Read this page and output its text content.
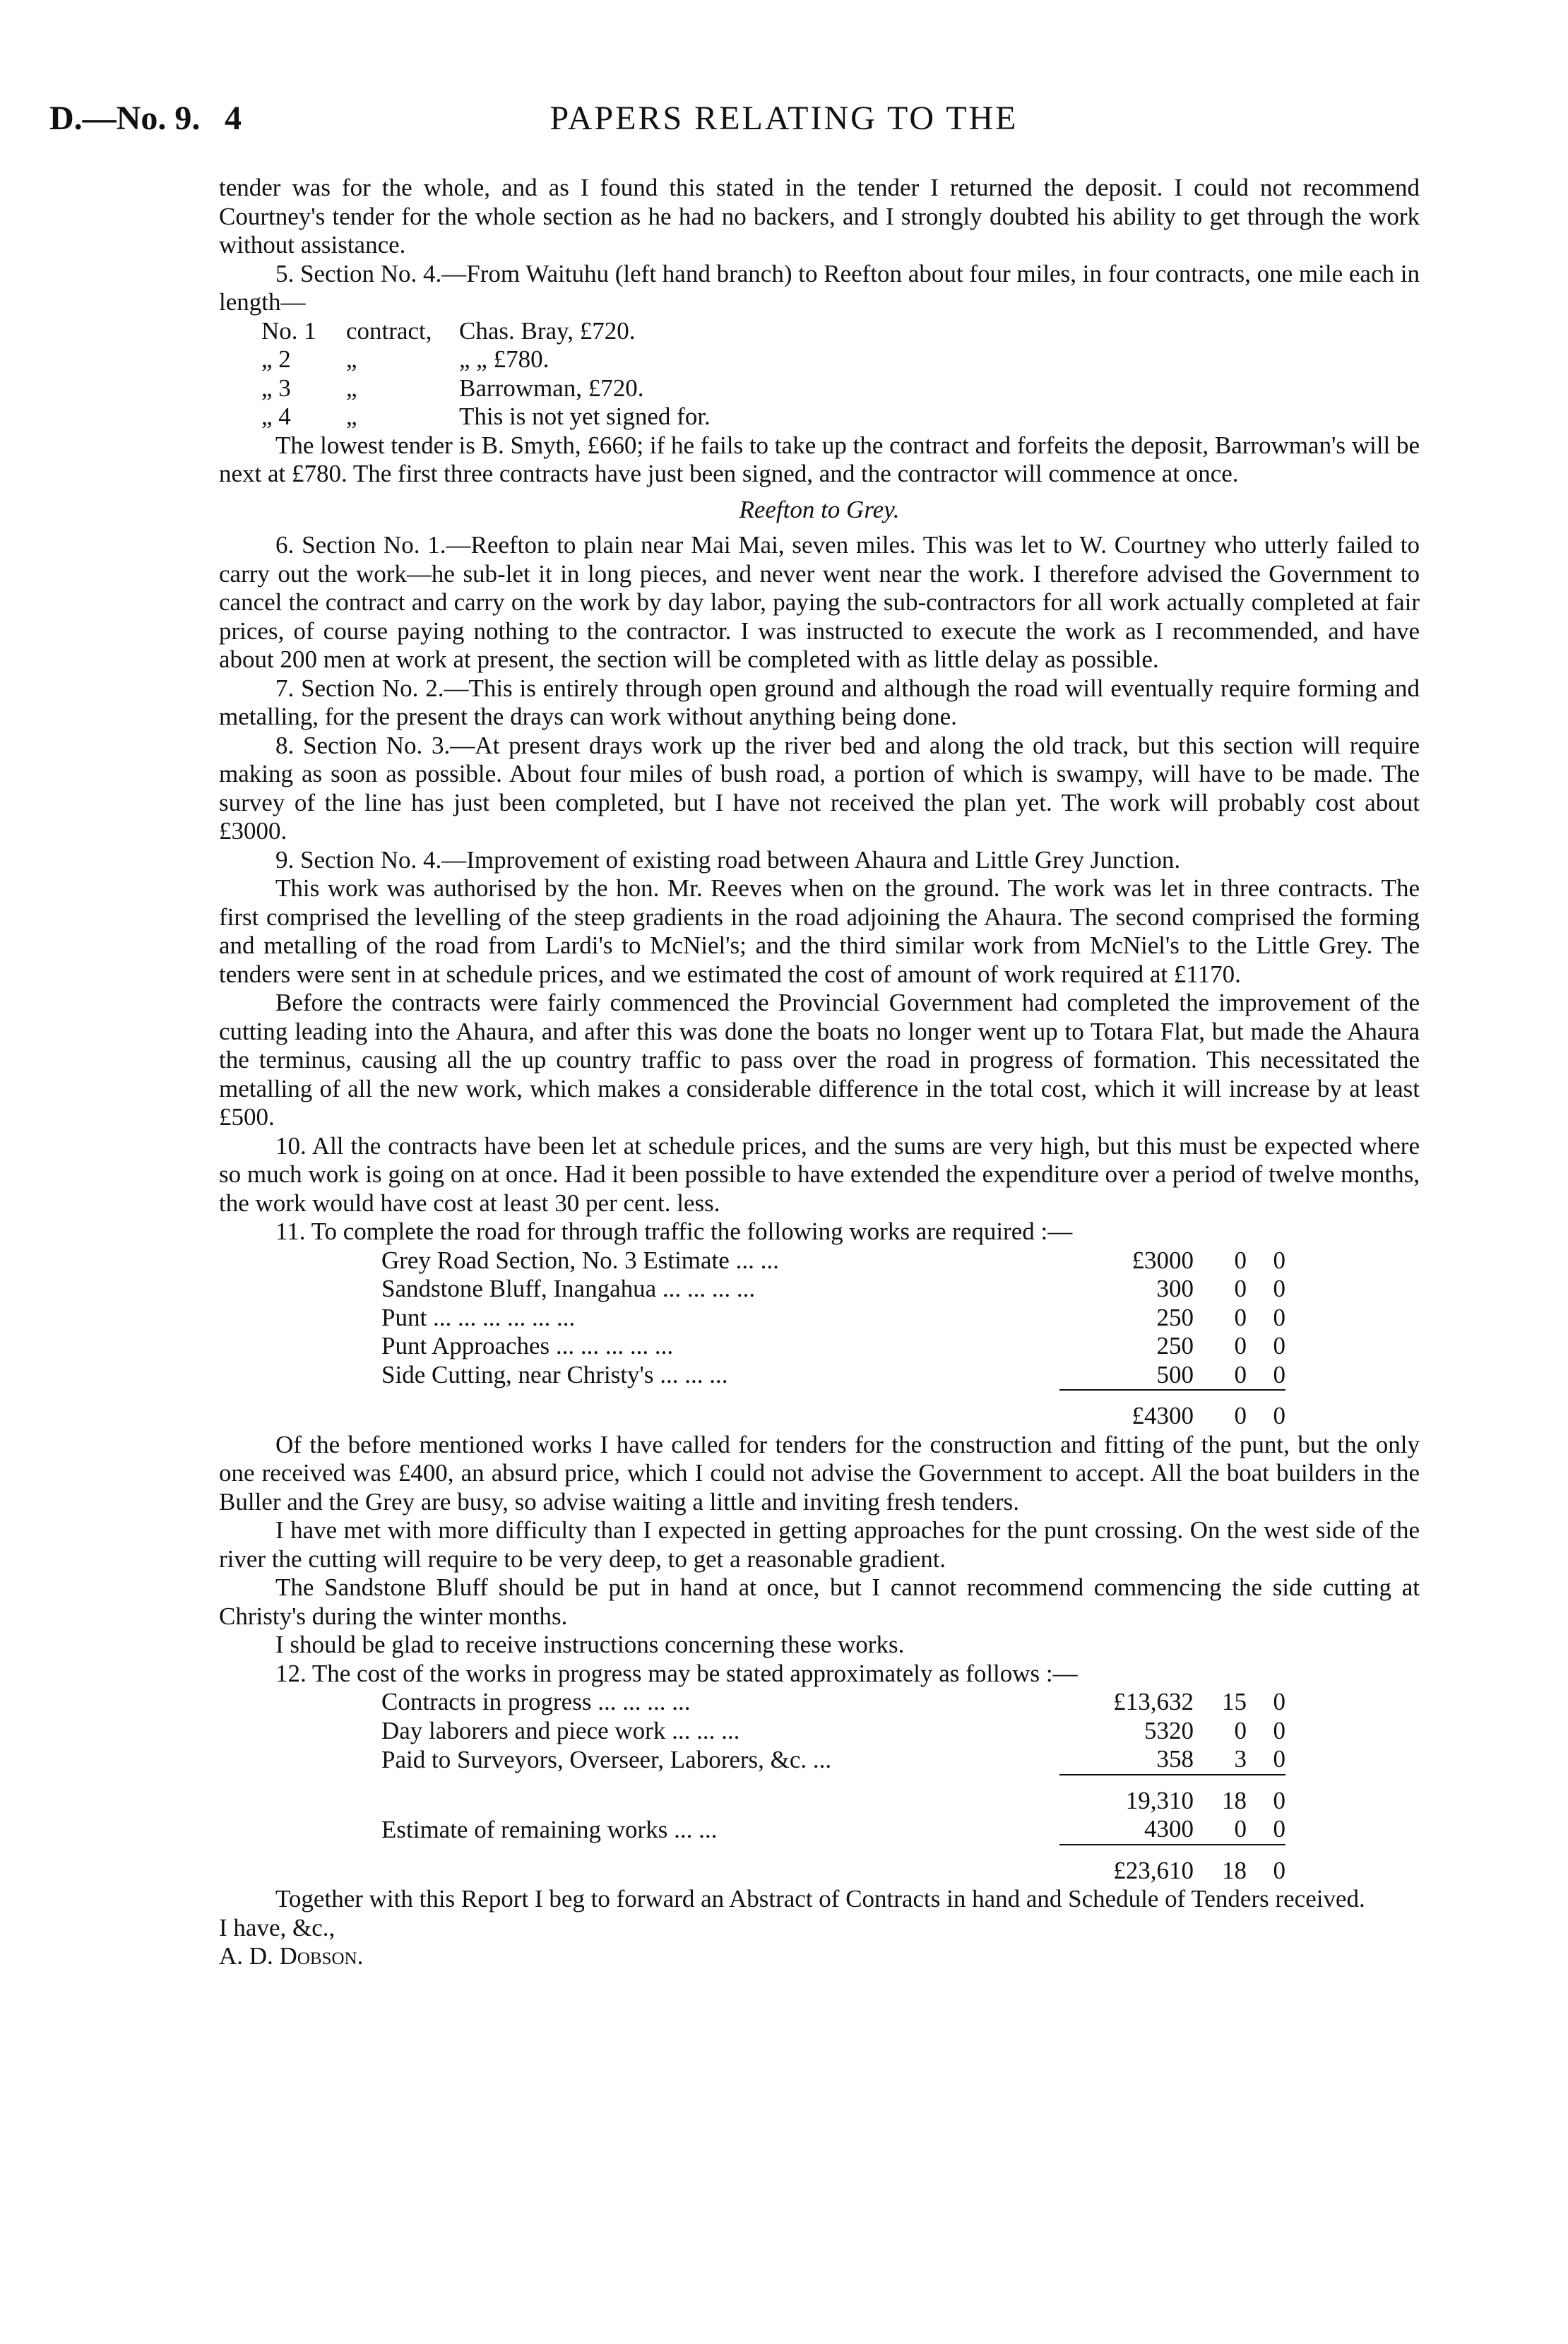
D.—No. 9. 4	PAPERS RELATING TO THE

tender was for the whole, and as I found this stated in the tender I returned the deposit. I could not recommend Courtney's tender for the whole section as he had no backers, and I strongly doubted his ability to get through the work without assistance.

5. Section No. 4.—From Waituhu (left hand branch) to Reefton about four miles, in four contracts, one mile each in length—

No. 1 contract, Chas. Bray, £720.
„ 2 „	„ „ £780.
„ 3 „	Barrowman, £720.
„ 4 „	This is not yet signed for.

The lowest tender is B. Smyth, £660; if he fails to take up the contract and forfeits the deposit, Barrowman's will be next at £780. The first three contracts have just been signed, and the contractor will commence at once.

Reefton to Grey.

6. Section No. 1.—Reefton to plain near Mai Mai, seven miles. This was let to W. Courtney who utterly failed to carry out the work—he sub-let it in long pieces, and never went near the work. I therefore advised the Government to cancel the contract and carry on the work by day labor, paying the sub-contractors for all work actually completed at fair prices, of course paying nothing to the contractor. I was instructed to execute the work as I recommended, and have about 200 men at work at present, the section will be completed with as little delay as possible.

7. Section No. 2.—This is entirely through open ground and although the road will eventually require forming and metalling, for the present the drays can work without anything being done.

8. Section No. 3.—At present drays work up the river bed and along the old track, but this section will require making as soon as possible. About four miles of bush road, a portion of which is swampy, will have to be made. The survey of the line has just been completed, but I have not received the plan yet. The work will probably cost about £3000.

9. Section No. 4.—Improvement of existing road between Ahaura and Little Grey Junction.

This work was authorised by the hon. Mr. Reeves when on the ground. The work was let in three contracts. The first comprised the levelling of the steep gradients in the road adjoining the Ahaura. The second comprised the forming and metalling of the road from Lardi's to McNiel's; and the third similar work from McNiel's to the Little Grey. The tenders were sent in at schedule prices, and we estimated the cost of amount of work required at £1170.

Before the contracts were fairly commenced the Provincial Government had completed the improvement of the cutting leading into the Ahaura, and after this was done the boats no longer went up to Totara Flat, but made the Ahaura the terminus, causing all the up country traffic to pass over the road in progress of formation. This necessitated the metalling of all the new work, which makes a considerable difference in the total cost, which it will increase by at least £500.

10. All the contracts have been let at schedule prices, and the sums are very high, but this must be expected where so much work is going on at once. Had it been possible to have extended the expenditure over a period of twelve months, the work would have cost at least 30 per cent. less.

11. To complete the road for through traffic the following works are required :—

Grey Road Section, No. 3 Estimate ... ...	£3000	0	0
Sandstone Bluff, Inangahua ... ... ... ...	300	0	0
Punt ... ... ... ... ... ...	250	0	0
Punt Approaches ... ... ... ... ...	250	0	0
Side Cutting, near Christy's ... ... ...	500	0	0
	£4300	0	0

Of the before mentioned works I have called for tenders for the construction and fitting of the punt, but the only one received was £400, an absurd price, which I could not advise the Government to accept. All the boat builders in the Buller and the Grey are busy, so advise waiting a little and inviting fresh tenders.

I have met with more difficulty than I expected in getting approaches for the punt crossing. On the west side of the river the cutting will require to be very deep, to get a reasonable gradient.

The Sandstone Bluff should be put in hand at once, but I cannot recommend commencing the side cutting at Christy's during the winter months.

I should be glad to receive instructions concerning these works.

12. The cost of the works in progress may be stated approximately as follows :—

Contracts in progress ... ... ... ...	£13,632	15	0
Day laborers and piece work ... ... ...	5320	0	0
Paid to Surveyors, Overseer, Laborers, &c. ...	358	3	0
	19,310	18	0
Estimate of remaining works ... ...	4300	0	0
	£23,610	18	0

Together with this Report I beg to forward an Abstract of Contracts in hand and Schedule of Tenders received.

I have, &c.,

A. D. Dobson.
